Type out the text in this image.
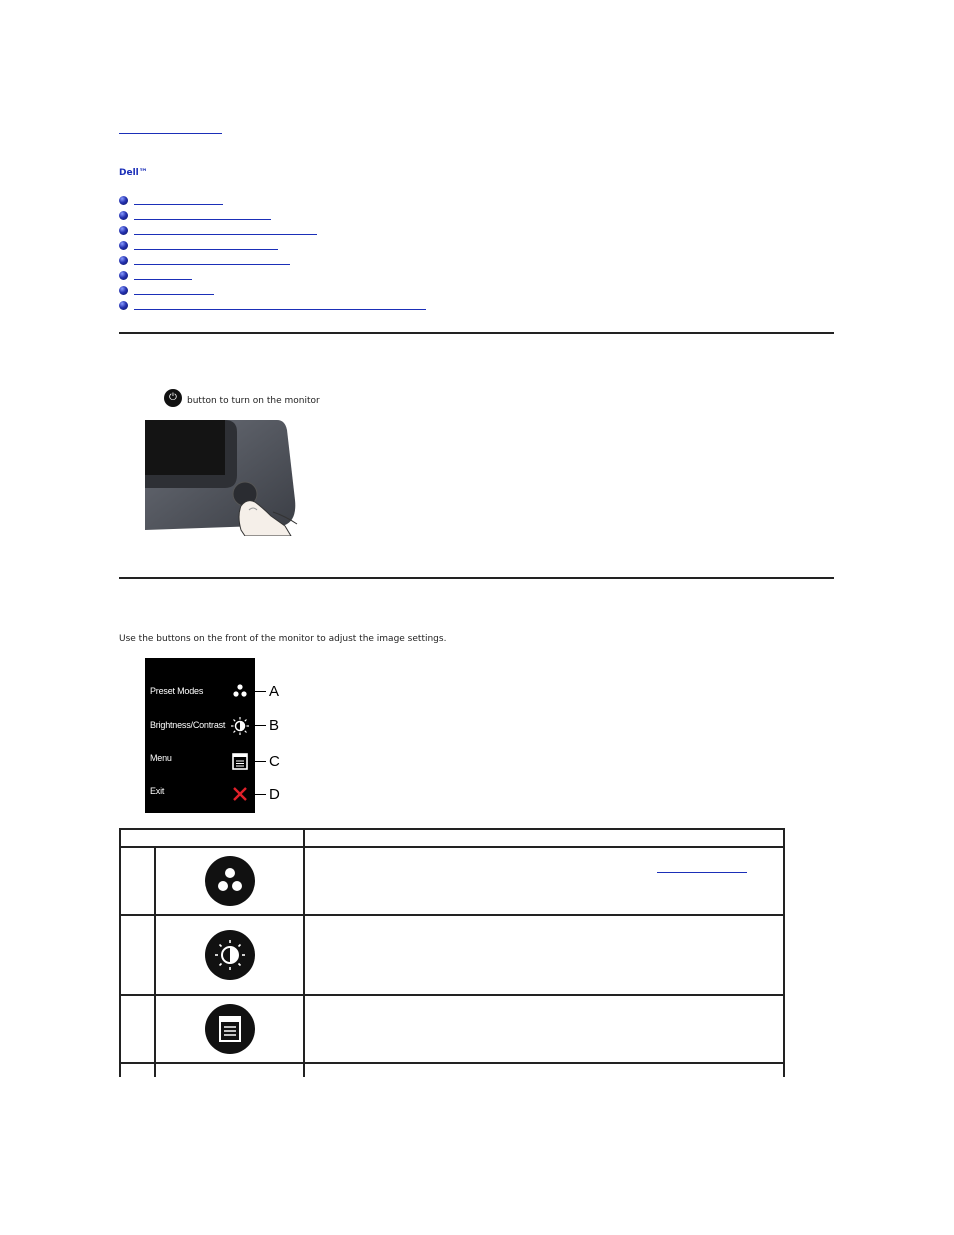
Dell™
⏻	button to turn on the monitor
Use the buttons on the front of the monitor to adjust the image settings.
Preset Modes
Brightness/Contrast
Menu
Exit
A
B
C
D
